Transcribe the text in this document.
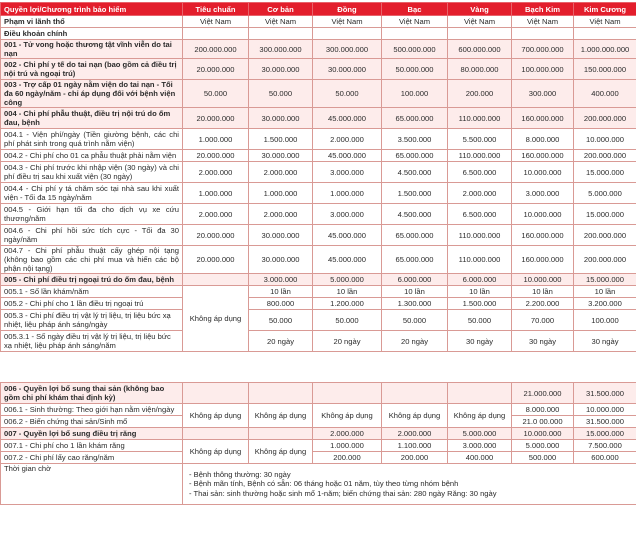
Quyền lợi/Chương trình bảo hiểm	Tiêu chuẩn	Cơ bản	Đồng	Bạc	Vàng	Bạch Kim	Kim Cương
Phạm vi lãnh thổ	Việt Nam	Việt Nam	Việt Nam	Việt Nam	Việt Nam	Việt Nam	Việt Nam
Điều khoản chính							
001 - Tử vong hoặc thương tật vĩnh viễn do tai nạn	200.000.000	300.000.000	300.000.000	500.000.000	600.000.000	700.000.000	1.000.000.000
002 - Chi phí y tế do tai nạn (bao gồm cả điều trị nội trú và ngoại trú)	20.000.000	30.000.000	30.000.000	50.000.000	80.000.000	100.000.000	150.000.000
003 - Trợ cấp 01 ngày nằm viện do tai nạn - Tối đa 60 ngày/năm - chỉ áp dụng đối với bệnh viện công	50.000	50.000	50.000	100.000	200.000	300.000	400.000
004 - Chi phí phẫu thuật, điều trị nội trú do ốm đau, bệnh	20.000.000	30.000.000	45.000.000	65.000.000	110.000.000	160.000.000	200.000.000
004.1 - Viện phí/ngày (Tiền giường bệnh, các chi phí phát sinh trong quá trình nằm viện)	1.000.000	1.500.000	2.000.000	3.500.000	5.500.000	8.000.000	10.000.000
004.2 - Chi phí cho 01 ca phẫu thuật phải nằm viện	20.000.000	30.000.000	45.000.000	65.000.000	110.000.000	160.000.000	200.000.000
004.3 - Chi phí trước khi nhập viện (30 ngày) và chi phí điều trị sau khi xuất viện (30 ngày)	2.000.000	2.000.000	3.000.000	4.500.000	6.500.000	10.000.000	15.000.000
004.4 - Chi phí y tá chăm sóc tại nhà sau khi xuất viện - Tối đa 15 ngày/năm	1.000.000	1.000.000	1.000.000	1.500.000	2.000.000	3.000.000	5.000.000
004.5 - Giới hạn tối đa cho dịch vụ xe cứu thương/năm	2.000.000	2.000.000	3.000.000	4.500.000	6.500.000	10.000.000	15.000.000
004.6 - Chi phí hồi sức tích cực - Tối đa 30 ngày/năm	20.000.000	30.000.000	45.000.000	65.000.000	110.000.000	160.000.000	200.000.000
004.7 - Chi phí phẫu thuật cấy ghép nội tạng (không bao gồm các chi phí mua và hiến các bộ phận nội tạng)	20.000.000	30.000.000	45.000.000	65.000.000	110.000.000	160.000.000	200.000.000
005 - Chi phí điều trị ngoại trú do ốm đau, bệnh		3.000.000	5.000.000	6.000.000	6.000.000	10.000.000	15.000.000
005.1 - Số lần khám/năm	Không áp dụng	10 lần	10 lần	10 lần	10 lần	10 lần	10 lần
005.2 - Chi phí cho 1 lần điều trị ngoại trú		800.000	1.200.000	1.300.000	1.500.000	2.200.000	3.200.000
005.3 - Chi phí điều trị vật lý trị liệu, trị liệu bức xạ nhiệt, liệu pháp ánh sáng/ngày		50.000	50.000	50.000	50.000	70.000	100.000
005.3.1 - Số ngày điều trị vật lý trị liệu, trị liệu bức xạ nhiệt, liệu pháp ánh sáng/năm		20 ngày	20 ngày	20 ngày	30 ngày	30 ngày	30 ngày
006 - Quyền lợi bổ sung thai sản (không bao gồm chi phí khám thai định kỳ)						21.000.000	31.500.000
006.1 - Sinh thường: Theo giới hạn nằm viện/ngày	Không áp dụng	Không áp dụng	Không áp dụng	Không áp dụng	Không áp dụng	8.000.000	10.000.000
006.2 - Biến chứng thai sản/Sinh mổ						21.0 00.000	31.500.000
007 - Quyền lợi bổ sung điều trị răng			2.000.000	2.000.000	5.000.000	10.000.000	15.000.000
007.1 - Chi phí cho 1 lần khám răng	Không áp dụng	Không áp dụng	1.000.000	1.100.000	3.000.000	5.000.000	7.500.000
007.2 - Chi phí lấy cao răng/năm			200.000	200.000	400.000	500.000	600.000
Thời gian chờ	- Bệnh thông thường: 30 ngày
- Bệnh mãn tính, Bệnh có sẵn: 06 tháng hoặc 01 năm, tùy theo từng nhóm bệnh
- Thai sản: sinh thường hoặc sinh mổ 1-năm; biến chứng thai sản: 280 ngày Răng: 30 ngày						
